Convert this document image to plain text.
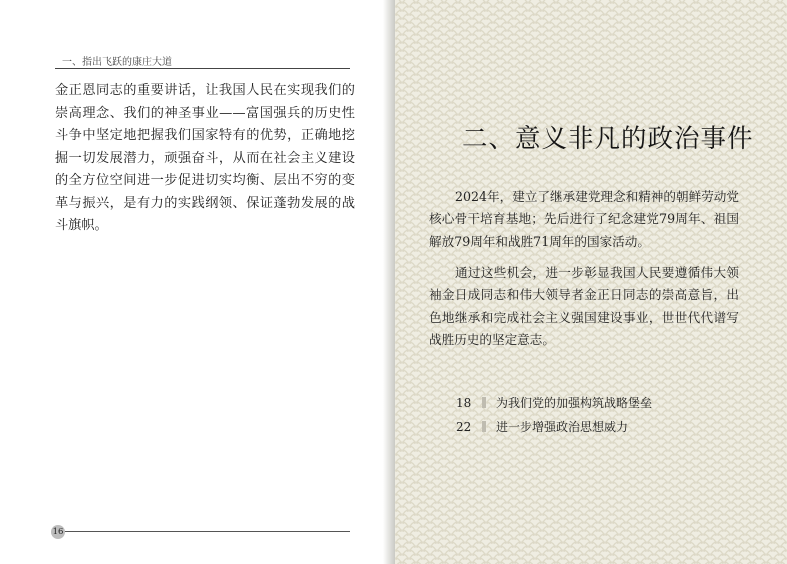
一、指出飞跃的康庄大道

金正恩同志的重要讲话，让我国人民在实现我们的崇高理念、我们的神圣事业——富国强兵的历史性斗争中坚定地把握我们国家特有的优势，正确地挖掘一切发展潜力，顽强奋斗，从而在社会主义建设的全方位空间进一步促进切实均衡、层出不穷的变革与振兴，是有力的实践纲领、保证蓬勃发展的战斗旗帜。

16
二、意义非凡的政治事件

2024年，建立了继承建党理念和精神的朝鲜劳动党核心骨干培育基地；先后进行了纪念建党79周年、祖国解放79周年和战胜71周年的国家活动。

通过这些机会，进一步彰显我国人民要遵循伟大领袖金日成同志和伟大领导者金正日同志的崇高意旨，出色地继承和完成社会主义强国建设事业，世世代代谱写战胜历史的坚定意志。

18 为我们党的加强构筑战略堡垒
22 进一步增强政治思想威力
